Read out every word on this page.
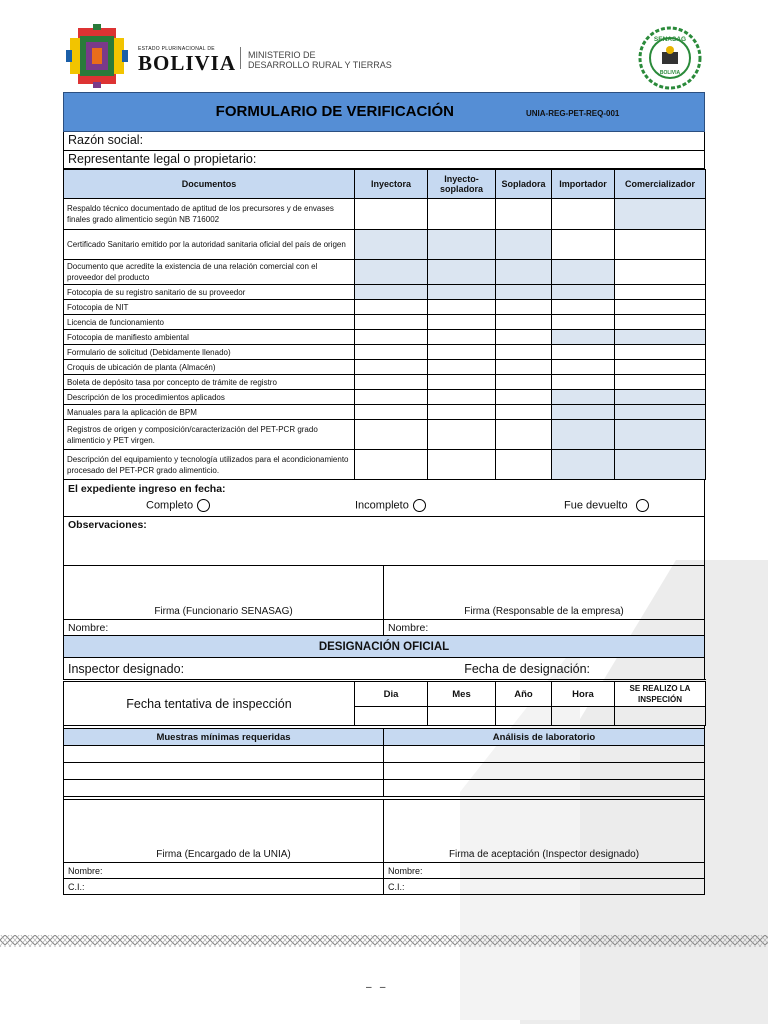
ESTADO PLURINACIONAL DE
BOLIVIA MINISTERIO DE
DESARROLLO RURAL Y TIERRAS
SENASAG
BOLIVIA
FORMULARIO DE VERIFICACIÓN	UNIA-REG-PET-REQ-001
Razón social:
Representante legal o propietario:
Documentos	Inyectora	Inyecto-sopladora	Sopladora	Importador	Comercializador
Respaldo técnico documentado de aptitud de los precursores y de envases finales grado alimenticio según NB 716002					
Certificado Sanitario emitido por la autoridad sanitaria oficial del país de origen					
Documento que acredite la existencia de una relación comercial con el proveedor del producto					
Fotocopia de su registro sanitario de su proveedor					
Fotocopia de NIT					
Licencia de funcionamiento					
Fotocopia de manifiesto ambiental					
Formulario de solicitud (Debidamente llenado)					
Croquis de ubicación de planta (Almacén)					
Boleta de depósito tasa por concepto de trámite de registro					
Descripción de los procedimientos aplicados					
Manuales para la aplicación de BPM					
Registros de origen y composición/caracterización del PET-PCR grado alimenticio y PET virgen.					
Descripción del equipamiento y tecnología utilizados para el acondicionamiento procesado del PET-PCR grado alimenticio.					
El expediente ingreso en fecha:
Completo	Incompleto	Fue devuelto
Observaciones:
Firma (Funcionario SENASAG)	Firma (Responsable de la empresa)
Nombre:	Nombre:
DESIGNACIÓN OFICIAL
Inspector designado:	Fecha de designación:
Fecha tentativa de inspección	Dia	Mes	Año	Hora	SE REALIZO LA INSPECIÓN

Muestras mínimas requeridas	Análisis de laboratorio

Firma (Encargado de la UNIA)	Firma de aceptación (Inspector designado)
Nombre:	Nombre:
C.I.:	C.I.:
–   –
